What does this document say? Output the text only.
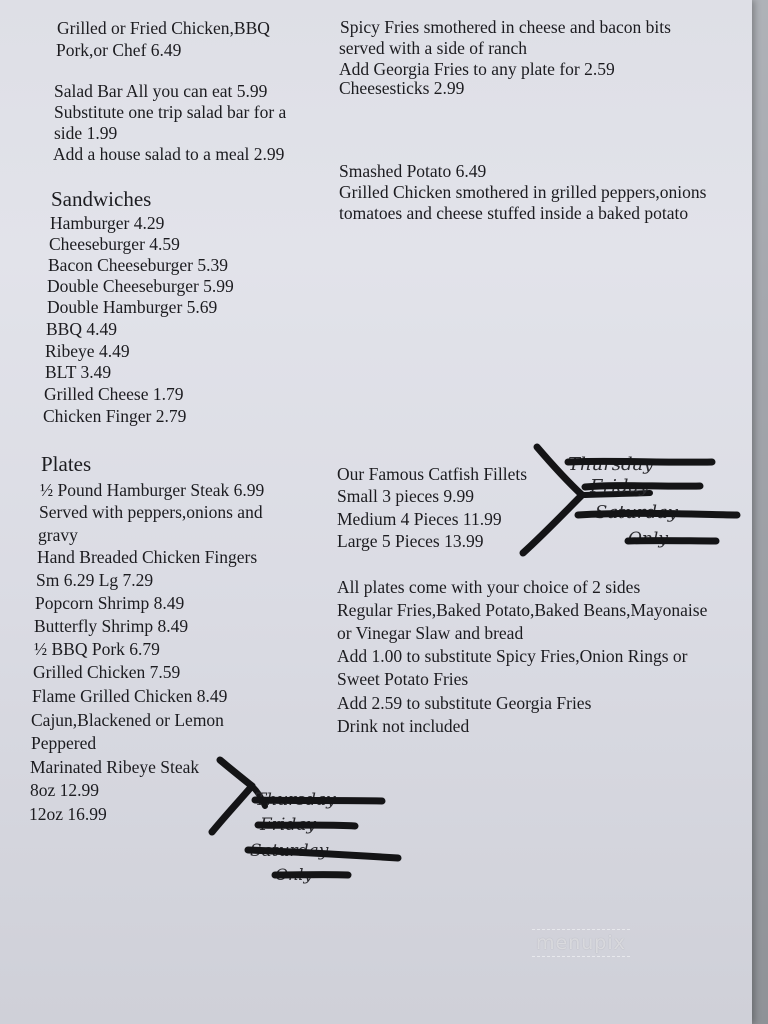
Grilled or Fried Chicken,BBQ
Pork,or Chef 6.49
Salad Bar All you can eat 5.99
Substitute one trip salad bar for a
side 1.99
Add a house salad to a meal 2.99
Sandwiches
Hamburger 4.29
Cheeseburger 4.59
Bacon Cheeseburger 5.39
Double Cheeseburger 5.99
Double Hamburger 5.69
BBQ 4.49
Ribeye 4.49
BLT 3.49
Grilled Cheese 1.79
Chicken Finger 2.79
Plates
½ Pound Hamburger Steak 6.99
Served with peppers,onions and
gravy
Hand Breaded Chicken Fingers
Sm 6.29 Lg 7.29
Popcorn Shrimp 8.49
Butterfly Shrimp 8.49
½ BBQ Pork 6.79
Grilled Chicken 7.59
Flame Grilled Chicken 8.49
Cajun,Blackened or Lemon
Peppered
Marinated Ribeye Steak
8oz 12.99
12oz 16.99
Spicy Fries smothered in cheese and bacon bits
served with a side of ranch
Add Georgia Fries to any plate for 2.59
Cheesesticks 2.99
Smashed Potato 6.49
Grilled Chicken smothered in grilled peppers,onions
tomatoes and cheese stuffed inside a baked potato
Our Famous Catfish Fillets
Small 3 pieces 9.99
Medium 4 Pieces 11.99
Large 5 Pieces 13.99
All plates come with your choice of 2 sides
Regular Fries,Baked Potato,Baked Beans,Mayonaise
or Vinegar Slaw and bread
Add 1.00 to substitute Spicy Fries,Onion Rings or
Sweet Potato Fries
Add 2.59 to substitute Georgia Fries
Drink not included
Thursday
Friday
Saturday
Only
Thursday
Friday
Saturday
Only
menupix
